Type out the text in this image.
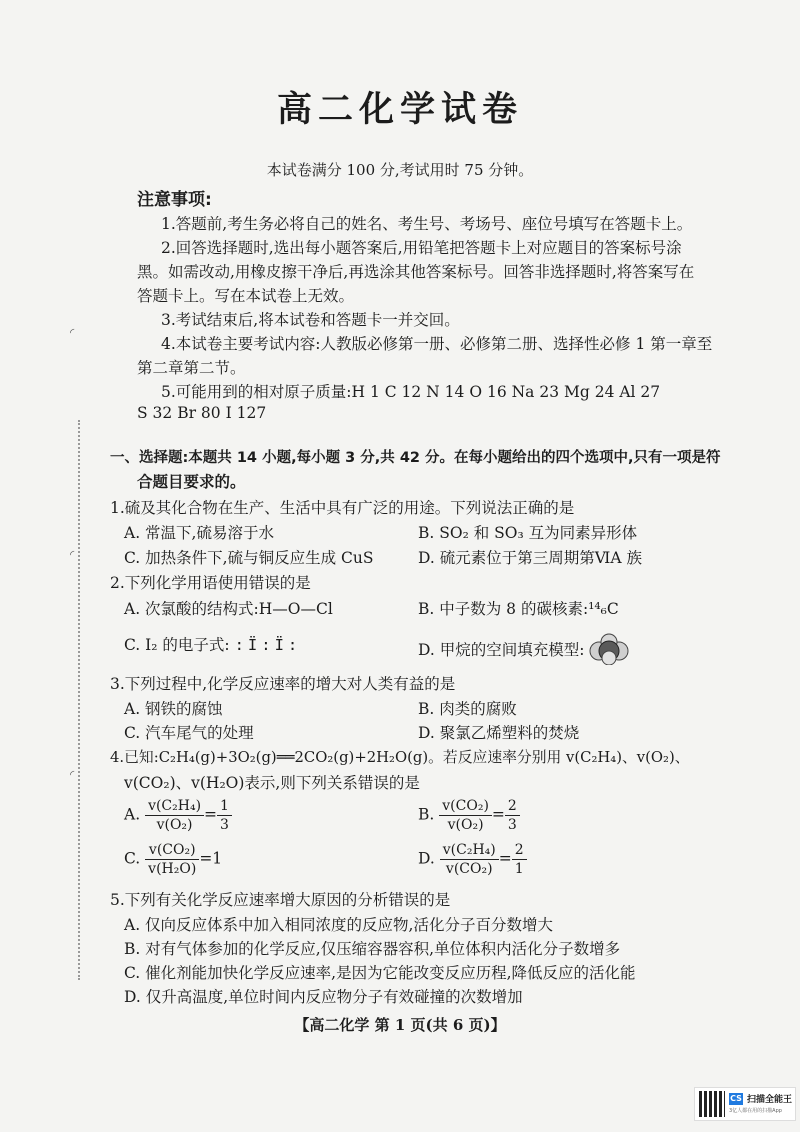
◜
◜
◜
高二化学试卷
本试卷满分 100 分,考试用时 75 分钟。
注意事项:
1.答题前,考生务必将自己的姓名、考生号、考场号、座位号填写在答题卡上。
2.回答选择题时,选出每小题答案后,用铅笔把答题卡上对应题目的答案标号涂
黑。如需改动,用橡皮擦干净后,再选涂其他答案标号。回答非选择题时,将答案写在
答题卡上。写在本试卷上无效。
3.考试结束后,将本试卷和答题卡一并交回。
4.本试卷主要考试内容:人教版必修第一册、必修第二册、选择性必修 1 第一章至
第二章第二节。
5.可能用到的相对原子质量:H 1 C 12 N 14 O 16 Na 23 Mg 24 Al 27
S 32 Br 80 I 127
一、选择题:本题共 14 小题,每小题 3 分,共 42 分。在每小题给出的四个选项中,只有一项是符
合题目要求的。
1.硫及其化合物在生产、生活中具有广泛的用途。下列说法正确的是
A. 常温下,硫易溶于水	B. SO₂ 和 SO₃ 互为同素异形体
C. 加热条件下,硫与铜反应生成 CuS	D. 硫元素位于第三周期第ⅥA 族
2.下列化学用语使用错误的是
A. 次氯酸的结构式:H—O—Cl	B. 中子数为 8 的碳核素:¹⁴₆C
C. I₂ 的电子式: :Ï:Ï:	D. 甲烷的空间填充模型:
3.下列过程中,化学反应速率的增大对人类有益的是
A. 钢铁的腐蚀	B. 肉类的腐败
C. 汽车尾气的处理	D. 聚氯乙烯塑料的焚烧
4.已知:C₂H₄(g)+3O₂(g)══2CO₂(g)+2H₂O(g)。若反应速率分别用 v(C₂H₄)、v(O₂)、
v(CO₂)、v(H₂O)表示,则下列关系错误的是
A. $\frac{\text{v(C₂H₄)}}{\text{v(O₂)}} = \frac{1}{3}$	B. $\frac{\text{v(CO₂)}}{\text{v(O₂)}} = \frac{2}{3}$
C. $\frac{\text{v(CO₂)}}{\text{v(H₂O)}} =1$	D. $\frac{\text{v(C₂H₄)}}{\text{v(CO₂)}} = \frac{2}{1}$
5.下列有关化学反应速率增大原因的分析错误的是
A. 仅向反应体系中加入相同浓度的反应物,活化分子百分数增大
B. 对有气体参加的化学反应,仅压缩容器容积,单位体积内活化分子数增多
C. 催化剂能加快化学反应速率,是因为它能改变反应历程,降低反应的活化能
D. 仅升高温度,单位时间内反应物分子有效碰撞的次数增加
【高二化学 第 1 页(共 6 页)】
CS 扫描全能王
3亿人都在用的扫描App
